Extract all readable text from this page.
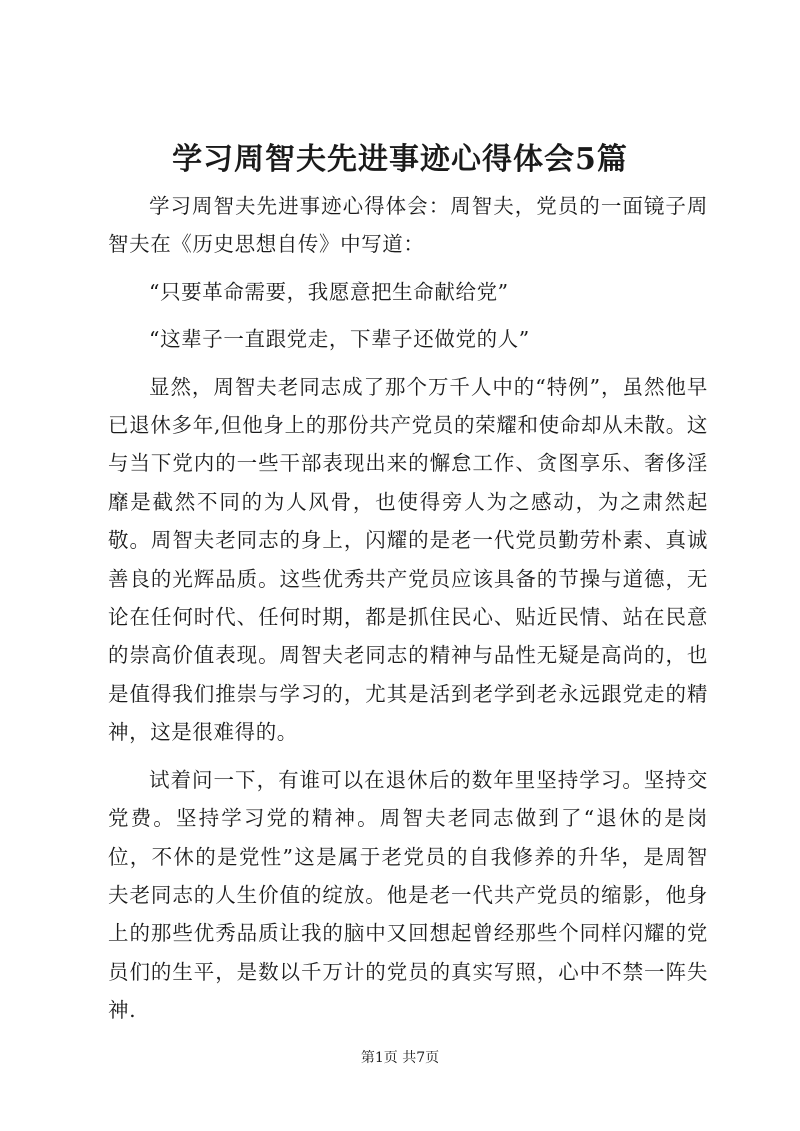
学习周智夫先进事迹心得体会5篇

学习周智夫先进事迹心得体会：周智夫，党员的一面镜子周智夫在《历史思想自传》中写道：

“只要革命需要，我愿意把生命献给党”

“这辈子一直跟党走，下辈子还做党的人”

显然，周智夫老同志成了那个万千人中的“特例”，虽然他早已退休多年,但他身上的那份共产党员的荣耀和使命却从未散。这与当下党内的一些干部表现出来的懈怠工作、贪图享乐、奢侈淫靡是截然不同的为人风骨，也使得旁人为之感动，为之肃然起敬。周智夫老同志的身上，闪耀的是老一代党员勤劳朴素、真诚善良的光辉品质。这些优秀共产党员应该具备的节操与道德，无论在任何时代、任何时期，都是抓住民心、贴近民情、站在民意的崇高价值表现。周智夫老同志的精神与品性无疑是高尚的，也是值得我们推崇与学习的，尤其是活到老学到老永远跟党走的精神，这是很难得的。

试着问一下，有谁可以在退休后的数年里坚持学习。坚持交党费。坚持学习党的精神。周智夫老同志做到了“退休的是岗位，不休的是党性”这是属于老党员的自我修养的升华，是周智夫老同志的人生价值的绽放。他是老一代共产党员的缩影，他身上的那些优秀品质让我的脑中又回想起曾经那些个同样闪耀的党员们的生平，是数以千万计的党员的真实写照，心中不禁一阵失神.

第1页 共7页
